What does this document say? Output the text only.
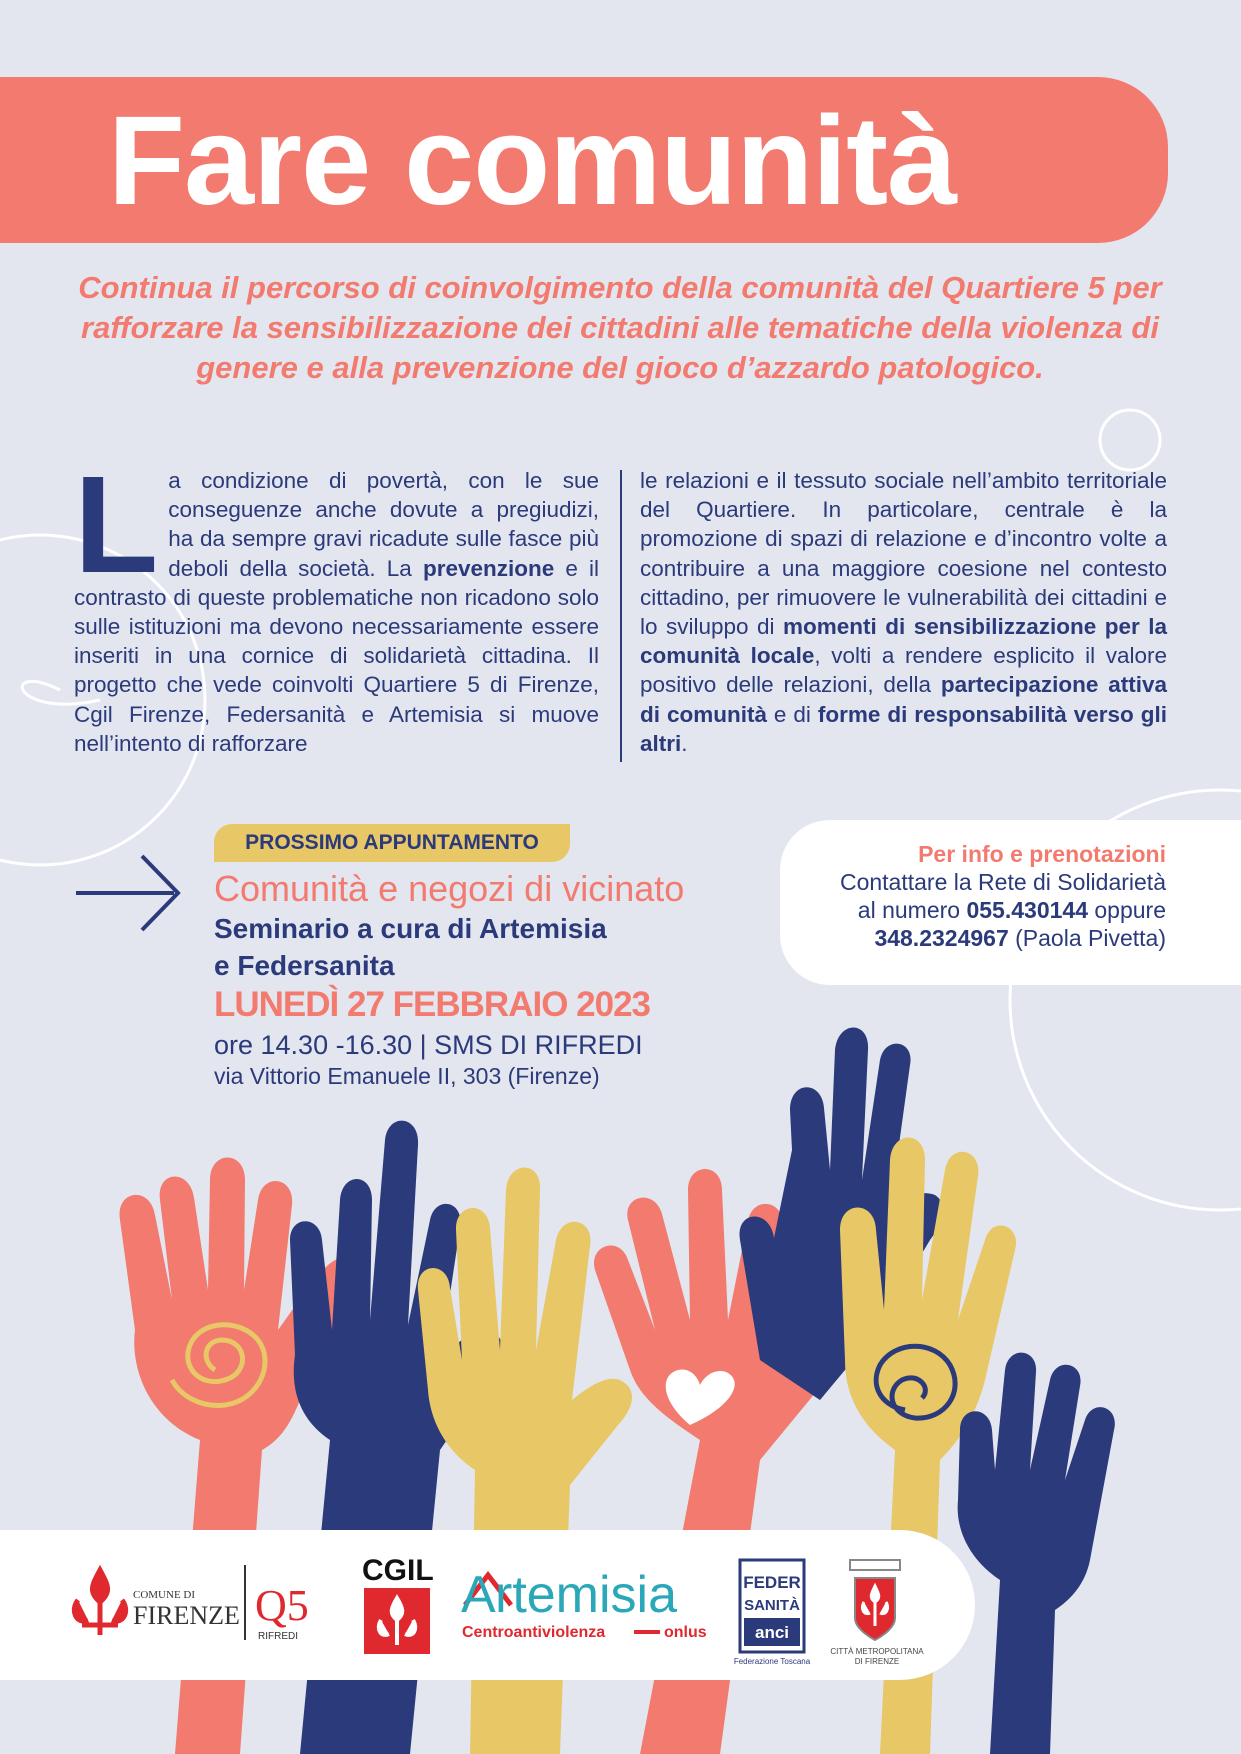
Fare comunità

Continua il percorso di coinvolgimento della comunità del Quartiere 5 per rafforzare la sensibilizzazione dei cittadini alle tematiche della violenza di genere e alla prevenzione del gioco d’azzardo patologico.

La condizione di povertà, con le sue conseguenze anche dovute a pregiudizi, ha da sempre gravi ricadute sulle fasce più deboli della società. La prevenzione e il contrasto di queste problematiche non ricadono solo sulle istituzioni ma devono necessariamente essere inseriti in una cornice di solidarietà cittadina. Il progetto che vede coinvolti Quartiere 5 di Firenze, Cgil Firenze, Federsanità e Artemisia si muove nell’intento di rafforzare
le relazioni e il tessuto sociale nell’ambito territoriale del Quartiere. In particolare, centrale è la promozione di spazi di relazione e d’incontro volte a contribuire a una maggiore coesione nel contesto cittadino, per rimuovere le vulnerabilità dei cittadini e lo sviluppo di momenti di sensibilizzazione per la comunità locale, volti a rendere esplicito il valore positivo delle relazioni, della partecipazione attiva di comunità e di forme di responsabilità verso gli altri.
PROSSIMO APPUNTAMENTO
Comunità e negozi di vicinato
Seminario a cura di Artemisia
e Federsanita
LUNEDÌ 27 FEBBRAIO 2023
ore 14.30 -16.30 | SMS DI RIFREDI
via Vittorio Emanuele II, 303 (Firenze)
Per info e prenotazioni
Contattare la Rete di Solidarietà
al numero 055.430144 oppure
348.2324967 (Paola Pivetta)
COMUNE DI
FIRENZE Q5
RIFREDI
CGIL A rtemisia
Centroantiviolenza	onlus
FEDER
SANITÀ
anci
Federazione Toscana
CITTÀ METROPOLITANA
DI FIRENZE
